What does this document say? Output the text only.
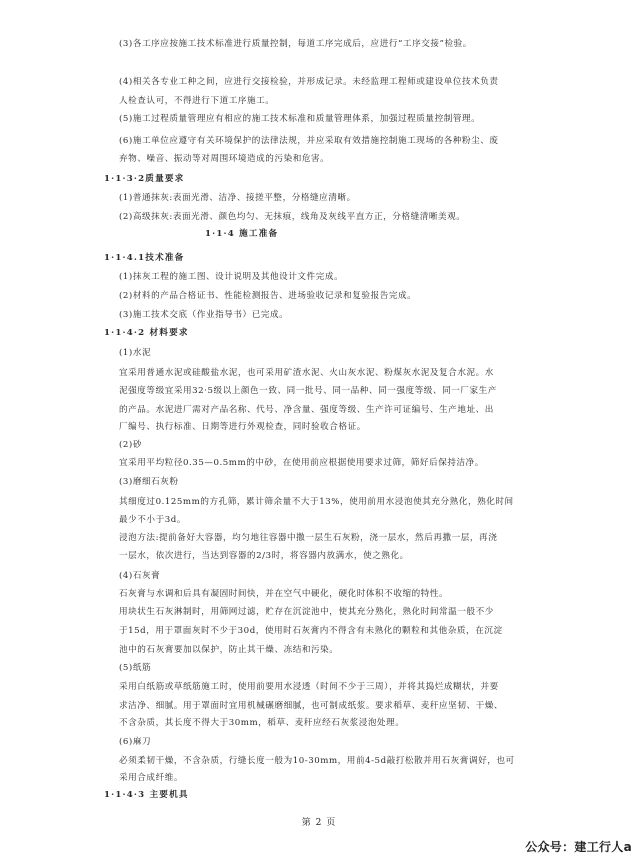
(3)各工序应按施工技术标准进行质量控制，每道工序完成后，应进行“工序交接”检验。
(4)相关各专业工种之间，应进行交接检验，并形成记录。未经监理工程师或建设单位技术负责
人检查认可，不得进行下道工序施工。
(5)施工过程质量管理应有相应的施工技术标准和质量管理体系，加强过程质量控制管理。
(6)施工单位应遵守有关环境保护的法律法规，并应采取有效措施控制施工现场的各种粉尘、废
弃物、噪音、振动等对周围环境造成的污染和危害。
1·1·3·2质量要求
(1)普通抹灰:表面光滑、洁净、接搓平整，分格缝应清晰。
(2)高级抹灰:表面光滑、颜色均匀、无抹痕，线角及灰线平直方正，分格缝清晰美观。
1·1·4 施工准备
1·1·4.1技术准备
(1)抹灰工程的施工图、设计说明及其他设计文件完成。
(2)材料的产品合格证书、性能检测报告、进场验收记录和复验报告完成。
(3)施工技术交底（作业指导书）已完成。
1·1·4·2 材料要求
(1)水泥
宜采用普通水泥或硅酸盐水泥，也可采用矿渣水泥、火山灰水泥、粉煤灰水泥及复合水泥。水
泥强度等级宜采用32·5级以上颜色一致、同一批号、同一品种、同一强度等级、同一厂家生产
的产品。水泥进厂需对产品名称、代号、净含量、强度等级、生产许可证编号、生产地址、出
厂编号、执行标准、日期等进行外观检查，同时验收合格证。
(2)砂
宜采用平均粒径0.35—0.5mm的中砂，在使用前应根据使用要求过筛，筛好后保持洁净。
(3)磨细石灰粉
其细度过0.125mm的方孔筛，累计筛余量不大于13%，使用前用水浸泡使其充分熟化，熟化时间
最少不小于3d。
浸泡方法:提前备好大容器，均匀地往容器中撒一层生石灰粉，浇一层水，然后再撒一层，再浇
一层水，依次进行，当达到容器的2/3时，将容器内放满水，使之熟化。
(4)石灰膏
石灰膏与水调和后具有凝固时间快，并在空气中硬化，硬化时体积不收缩的特性。
用块状生石灰淋制时，用筛网过滤，贮存在沉淀池中，使其充分熟化，熟化时间常温一般不少
于15d，用于罩面灰时不少于30d，使用时石灰膏内不得含有未熟化的颗粒和其他杂质，在沉淀
池中的石灰膏要加以保护，防止其干燥、冻结和污染。
(5)纸筋
采用白纸筋或草纸筋施工时，使用前要用水浸透（时间不少于三周），并将其捣烂成糊状，并要
求洁净、细腻。用于罩面时宜用机械碾磨细腻，也可制成纸浆。要求稻草、麦秆应坚韧、干燥、
不含杂质，其长度不得大于30mm，稻草、麦秆应经石灰浆浸泡处理。
(6)麻刀
必须柔韧干燥，不含杂质，行缝长度一般为10-30mm，用前4-5d敲打松散并用石灰膏调好，也可
采用合成纤维。
1·1·4·3 主要机具
第 2 页
公众号：建工行人a
